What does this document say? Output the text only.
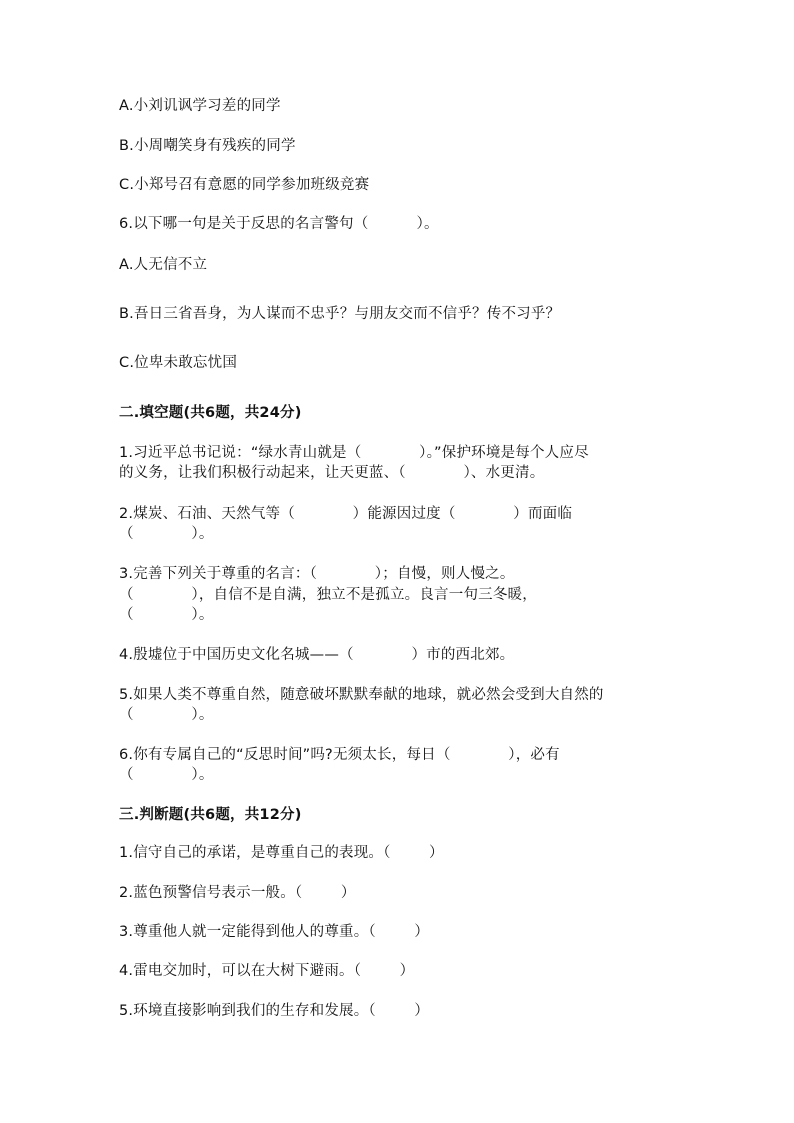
A.小刘讥讽学习差的同学
B.小周嘲笑身有残疾的同学
C.小郑号召有意愿的同学参加班级竞赛
6.以下哪一句是关于反思的名言警句（          ）。
A.人无信不立
B.吾日三省吾身，为人谋而不忠乎？与朋友交而不信乎？传不习乎？
C.位卑未敢忘忧国
二.填空题(共6题，共24分)
1.习近平总书记说：“绿水青山就是（            ）。”保护环境是每个人应尽
的义务，让我们积极行动起来，让天更蓝、（            ）、水更清。
2.煤炭、石油、天然气等（            ）能源因过度（            ）而面临
（            ）。
3.完善下列关于尊重的名言：（            ）；自慢，则人慢之。
（            ），自信不是自满，独立不是孤立。良言一句三冬暖，
（            ）。
4.殷墟位于中国历史文化名城——（            ）市的西北郊。
5.如果人类不尊重自然，随意破坏默默奉献的地球，就必然会受到大自然的
（            ）。
6.你有专属自己的“反思时间”吗?无须太长，每日（            ），必有
（            ）。
三.判断题(共6题，共12分)
1.信守自己的承诺，是尊重自己的表现。（        ）
2.蓝色预警信号表示一般。（        ）
3.尊重他人就一定能得到他人的尊重。（        ）
4.雷电交加时，可以在大树下避雨。（        ）
5.环境直接影响到我们的生存和发展。（        ）
